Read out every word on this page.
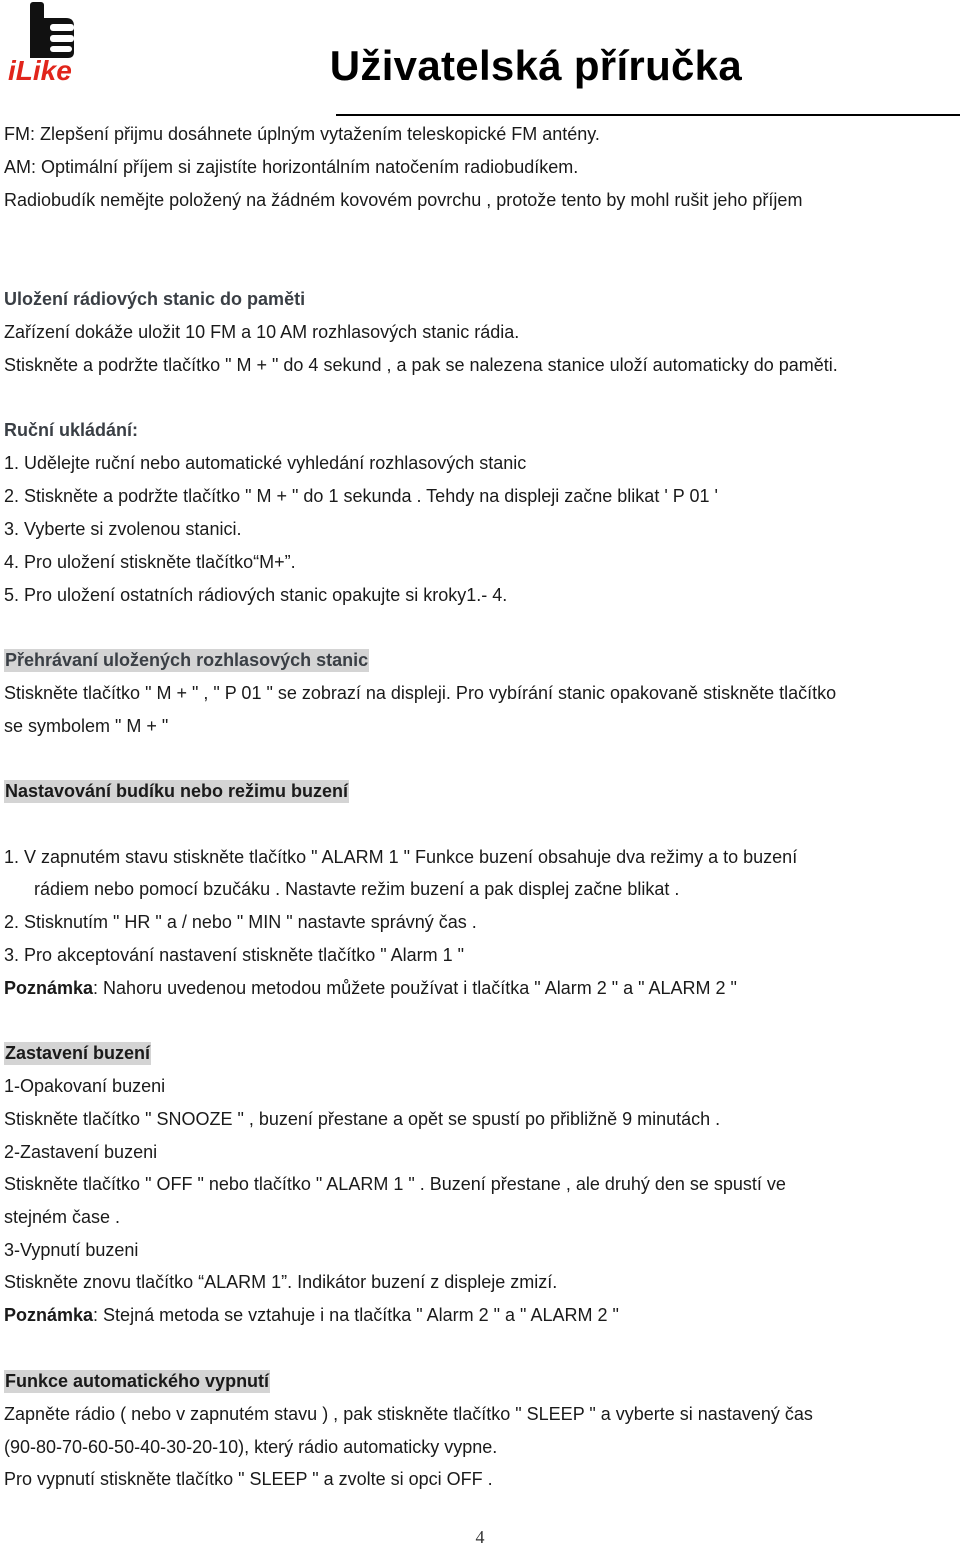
iLike	Uživatelská příručka
FM: Zlepšení přijmu dosáhnete úplným vytažením teleskopické FM antény.
AM: Optimální příjem si zajistíte horizontálním natočením radiobudíkem.
Radiobudík nemějte položený na žádném kovovém povrchu , protože tento by mohl rušit jeho příjem
Uložení rádiových stanic do paměti
Zařízení dokáže uložit 10 FM a 10 AM rozhlasových stanic rádia.
Stiskněte a podržte tlačítko " M + " do 4 sekund , a pak se nalezena stanice uloží automaticky do paměti.
Ruční ukládání:
1. Udělejte ruční nebo automatické vyhledání rozhlasových stanic
2. Stiskněte a podržte tlačítko " M + " do 1 sekunda . Tehdy na displeji začne blikat ' P 01 '
3. Vyberte si zvolenou stanici.
4. Pro uložení stiskněte tlačítko“M+”.
5. Pro uložení ostatních rádiových stanic opakujte si kroky1.- 4.
Přehrávaní uložených rozhlasových stanic
Stiskněte tlačítko " M + " , " P 01 " se zobrazí na displeji. Pro vybírání stanic opakovaně stiskněte tlačítko
se symbolem " M + "
Nastavování budíku nebo režimu buzení
1. V zapnutém stavu stiskněte tlačítko " ALARM 1 " Funkce buzení obsahuje dva režimy a to buzení
rádiem nebo pomocí bzučáku . Nastavte režim buzení a pak displej začne blikat .
2. Stisknutím " HR " a / nebo " MIN " nastavte správný čas .
3. Pro akceptování nastavení stiskněte tlačítko " Alarm 1 "
Poznámka: Nahoru uvedenou metodou můžete používat i tlačítka " Alarm 2 " a " ALARM 2 "
Zastavení buzení
1-Opakovaní buzeni
Stiskněte tlačítko " SNOOZE " , buzení přestane a opět se spustí po přibližně 9 minutách .
2-Zastavení buzeni
Stiskněte tlačítko " OFF " nebo tlačítko " ALARM 1 " . Buzení přestane , ale druhý den se spustí ve
stejném čase .
3-Vypnutí buzeni
Stiskněte znovu tlačítko “ALARM 1”. Indikátor buzení z displeje zmizí.
Poznámka: Stejná metoda se vztahuje i na tlačítka " Alarm 2 " a " ALARM 2 "
Funkce automatického vypnutí
Zapněte rádio ( nebo v zapnutém stavu ) , pak stiskněte tlačítko " SLEEP " a vyberte si nastavený čas
(90-80-70-60-50-40-30-20-10), který rádio automaticky vypne.
Pro vypnutí stiskněte tlačítko " SLEEP " a zvolte si opci OFF .
4
